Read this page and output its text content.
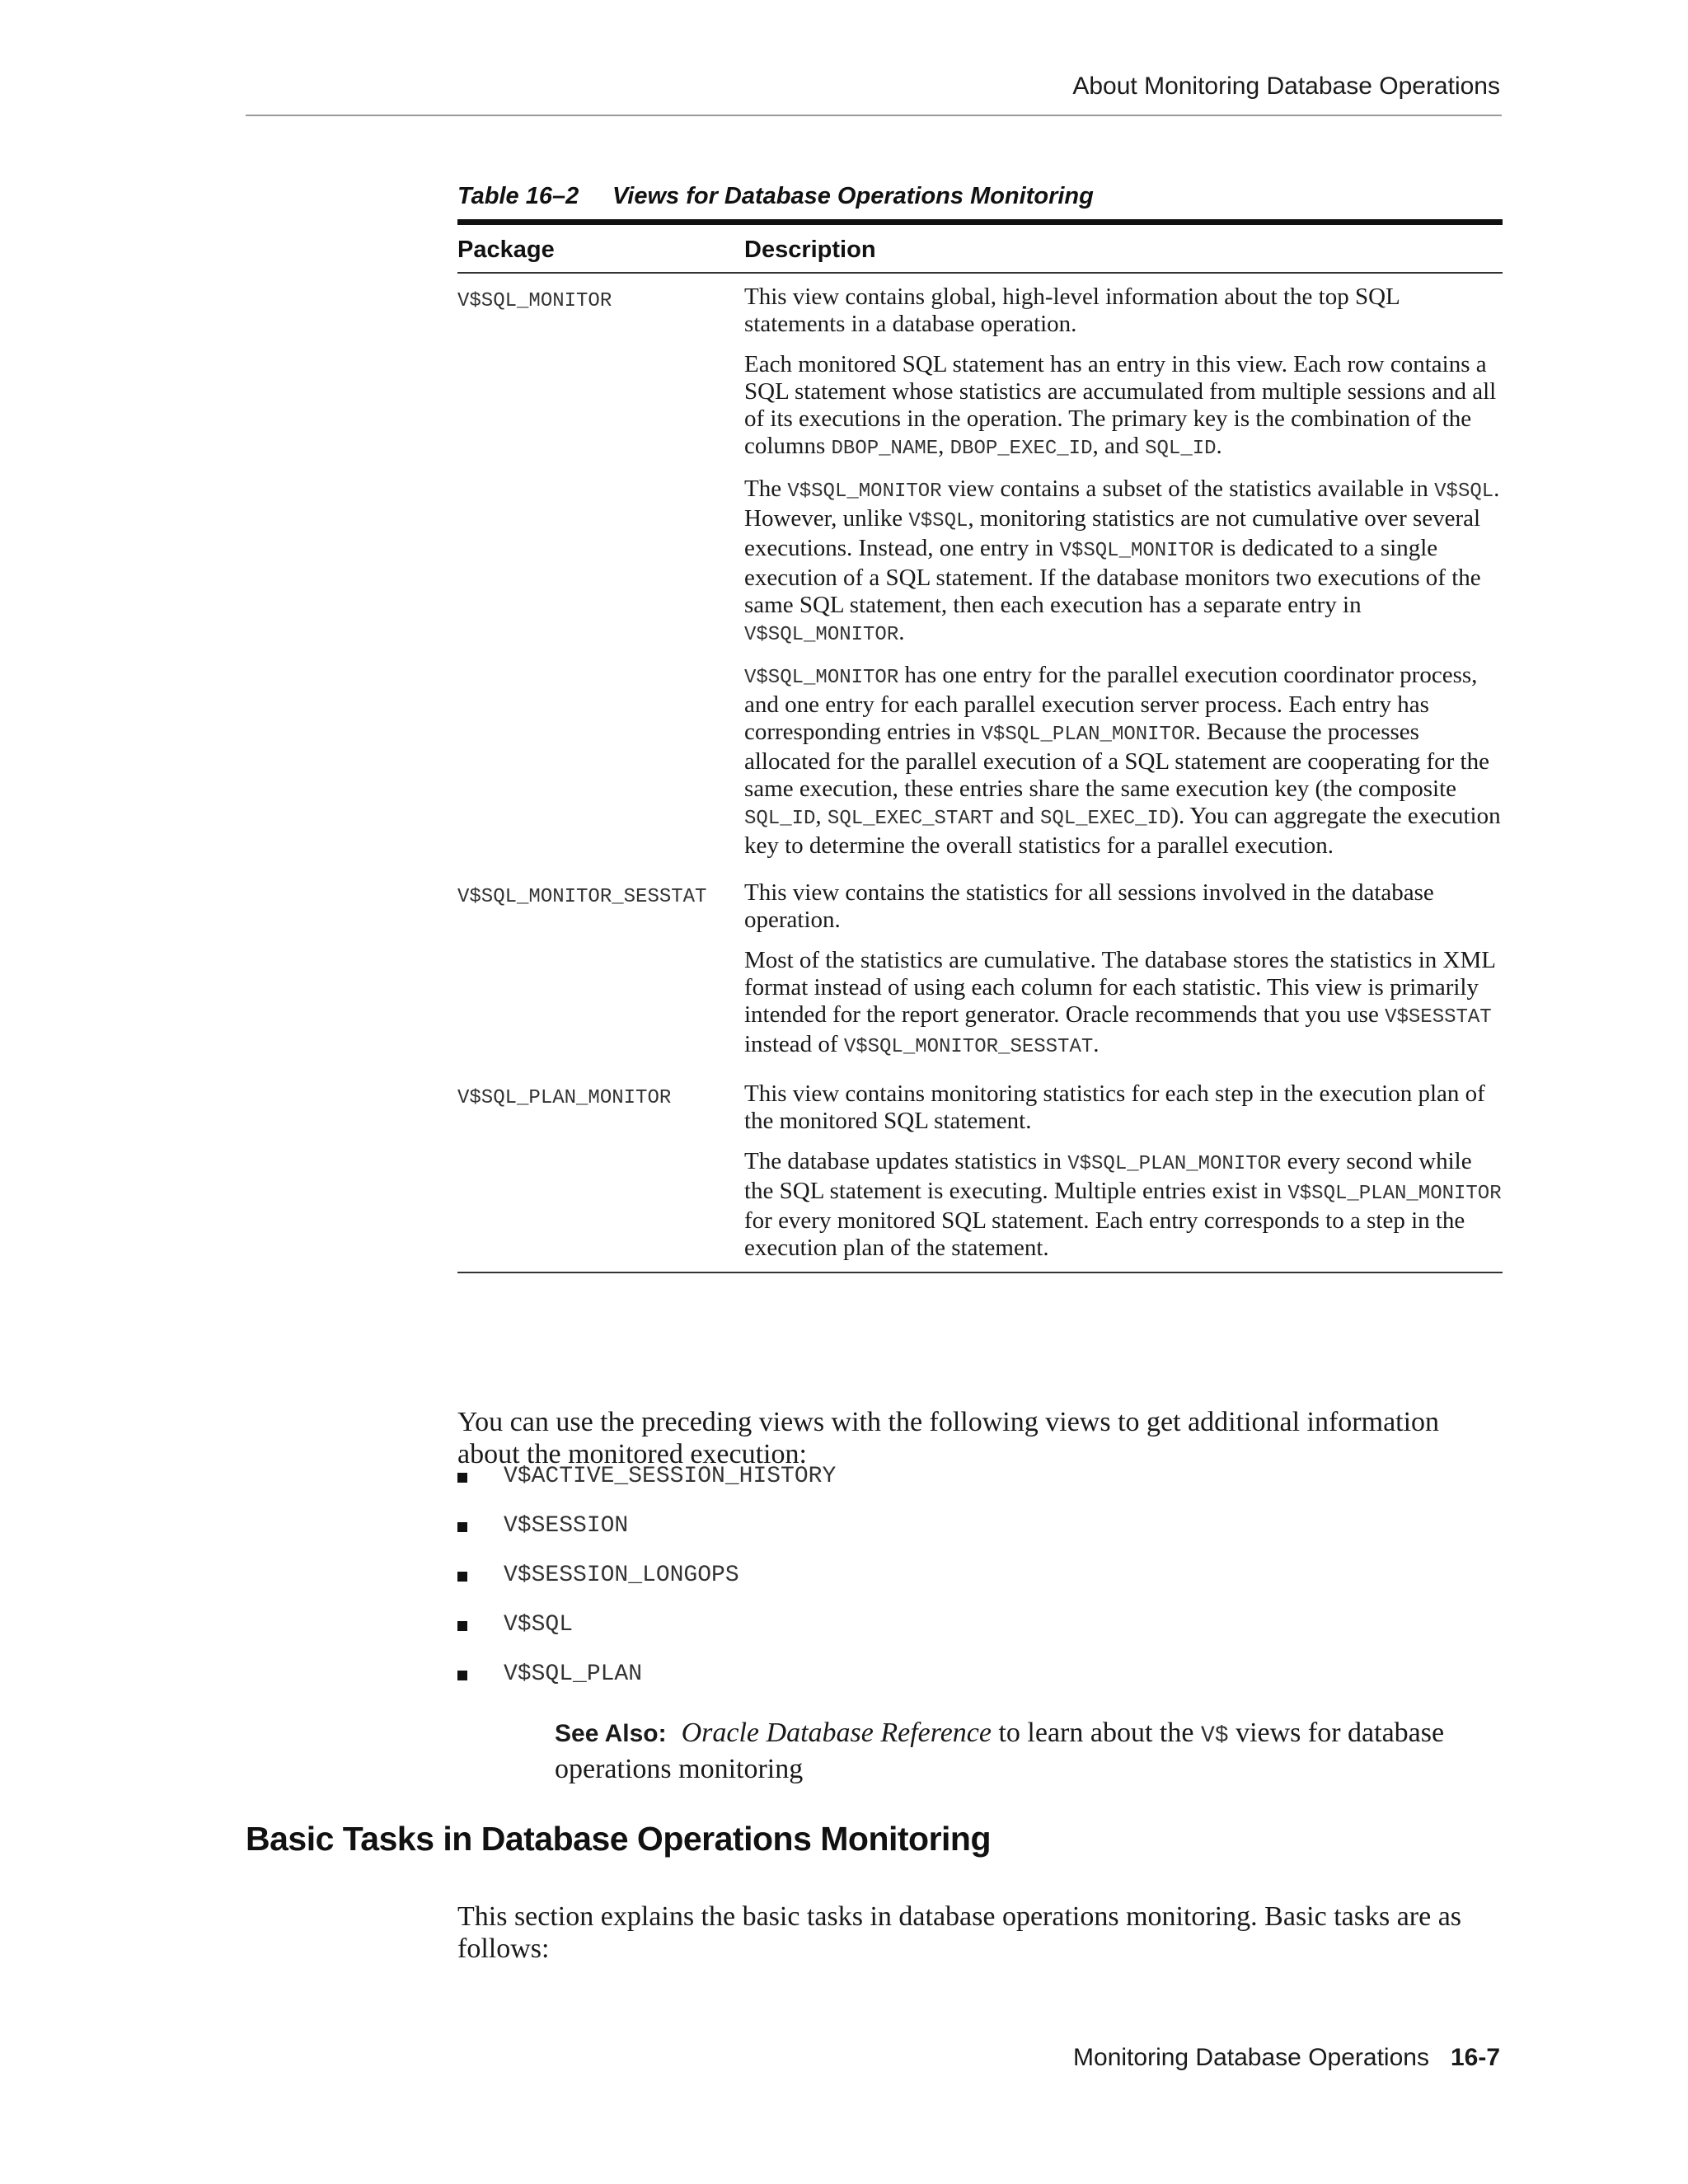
About Monitoring Database Operations
Table 16–2 Views for Database Operations Monitoring
Package	Description
V$SQL_MONITOR	This view contains global, high-level information about the top SQL statements in a database operation.

Each monitored SQL statement has an entry in this view. Each row contains a SQL statement whose statistics are accumulated from multiple sessions and all of its executions in the operation. The primary key is the combination of the columns DBOP_NAME, DBOP_EXEC_ID, and SQL_ID.

The V$SQL_MONITOR view contains a subset of the statistics available in V$SQL. However, unlike V$SQL, monitoring statistics are not cumulative over several executions. Instead, one entry in V$SQL_MONITOR is dedicated to a single execution of a SQL statement. If the database monitors two executions of the same SQL statement, then each execution has a separate entry in V$SQL_MONITOR.

V$SQL_MONITOR has one entry for the parallel execution coordinator process, and one entry for each parallel execution server process. Each entry has corresponding entries in V$SQL_PLAN_MONITOR. Because the processes allocated for the parallel execution of a SQL statement are cooperating for the same execution, these entries share the same execution key (the composite SQL_ID, SQL_EXEC_START and SQL_EXEC_ID). You can aggregate the execution key to determine the overall statistics for a parallel execution.

V$SQL_MONITOR_SESSTAT	This view contains the statistics for all sessions involved in the database operation.

Most of the statistics are cumulative. The database stores the statistics in XML format instead of using each column for each statistic. This view is primarily intended for the report generator. Oracle recommends that you use V$SESSTAT instead of V$SQL_MONITOR_SESSTAT.

V$SQL_PLAN_MONITOR	This view contains monitoring statistics for each step in the execution plan of the monitored SQL statement.

The database updates statistics in V$SQL_PLAN_MONITOR every second while the SQL statement is executing. Multiple entries exist in V$SQL_PLAN_MONITOR for every monitored SQL statement. Each entry corresponds to a step in the execution plan of the statement.

You can use the preceding views with the following views to get additional information about the monitored execution:

V$ACTIVE_SESSION_HISTORY
V$SESSION
V$SESSION_LONGOPS
V$SQL
V$SQL_PLAN
See Also: Oracle Database Reference to learn about the V$ views for database operations monitoring
Basic Tasks in Database Operations Monitoring

This section explains the basic tasks in database operations monitoring. Basic tasks are as follows:

Monitoring Database Operations 16-7
